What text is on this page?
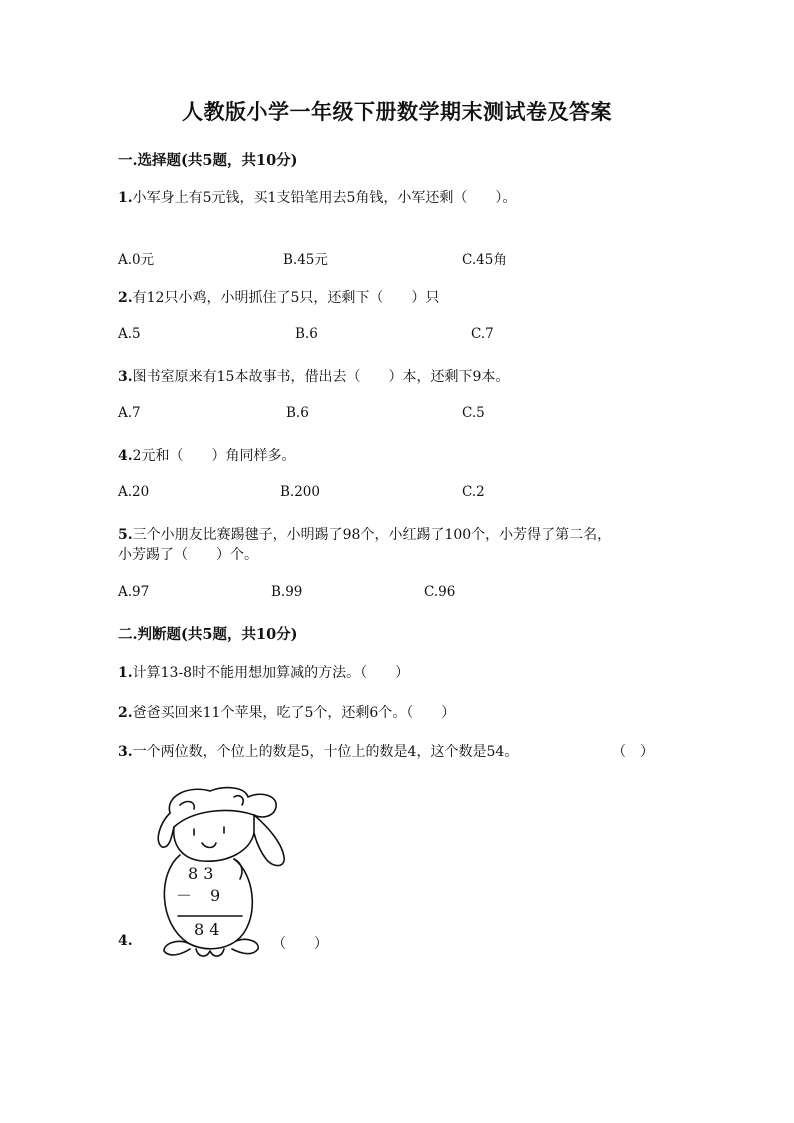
人教版小学一年级下册数学期末测试卷及答案
一.选择题(共5题，共10分)
1.小军身上有5元钱，买1支铅笔用去5角钱，小军还剩（　　）。
A.0元	B.45元	C.45角
2.有12只小鸡，小明抓住了5只，还剩下（　　）只
A.5	B.6	C.7
3.图书室原来有15本故事书，借出去（　　）本，还剩下9本。
A.7	B.6	C.5
4.2元和（　　）角同样多。
A.20	B.200	C.2
5.三个小朋友比赛踢毽子，小明踢了98个，小红踢了100个，小芳得了第二名，
小芳踢了（　　）个。
A.97	B.99	C.96
二.判断题(共5题，共10分)
1.计算13-8时不能用想加算减的方法。（　　）
2.爸爸买回来11个苹果，吃了5个，还剩6个。（　　）
3.一个两位数，个位上的数是5，十位上的数是4，这个数是54。	（　）
8 3
－ 9
8 4
4.	（　　）
